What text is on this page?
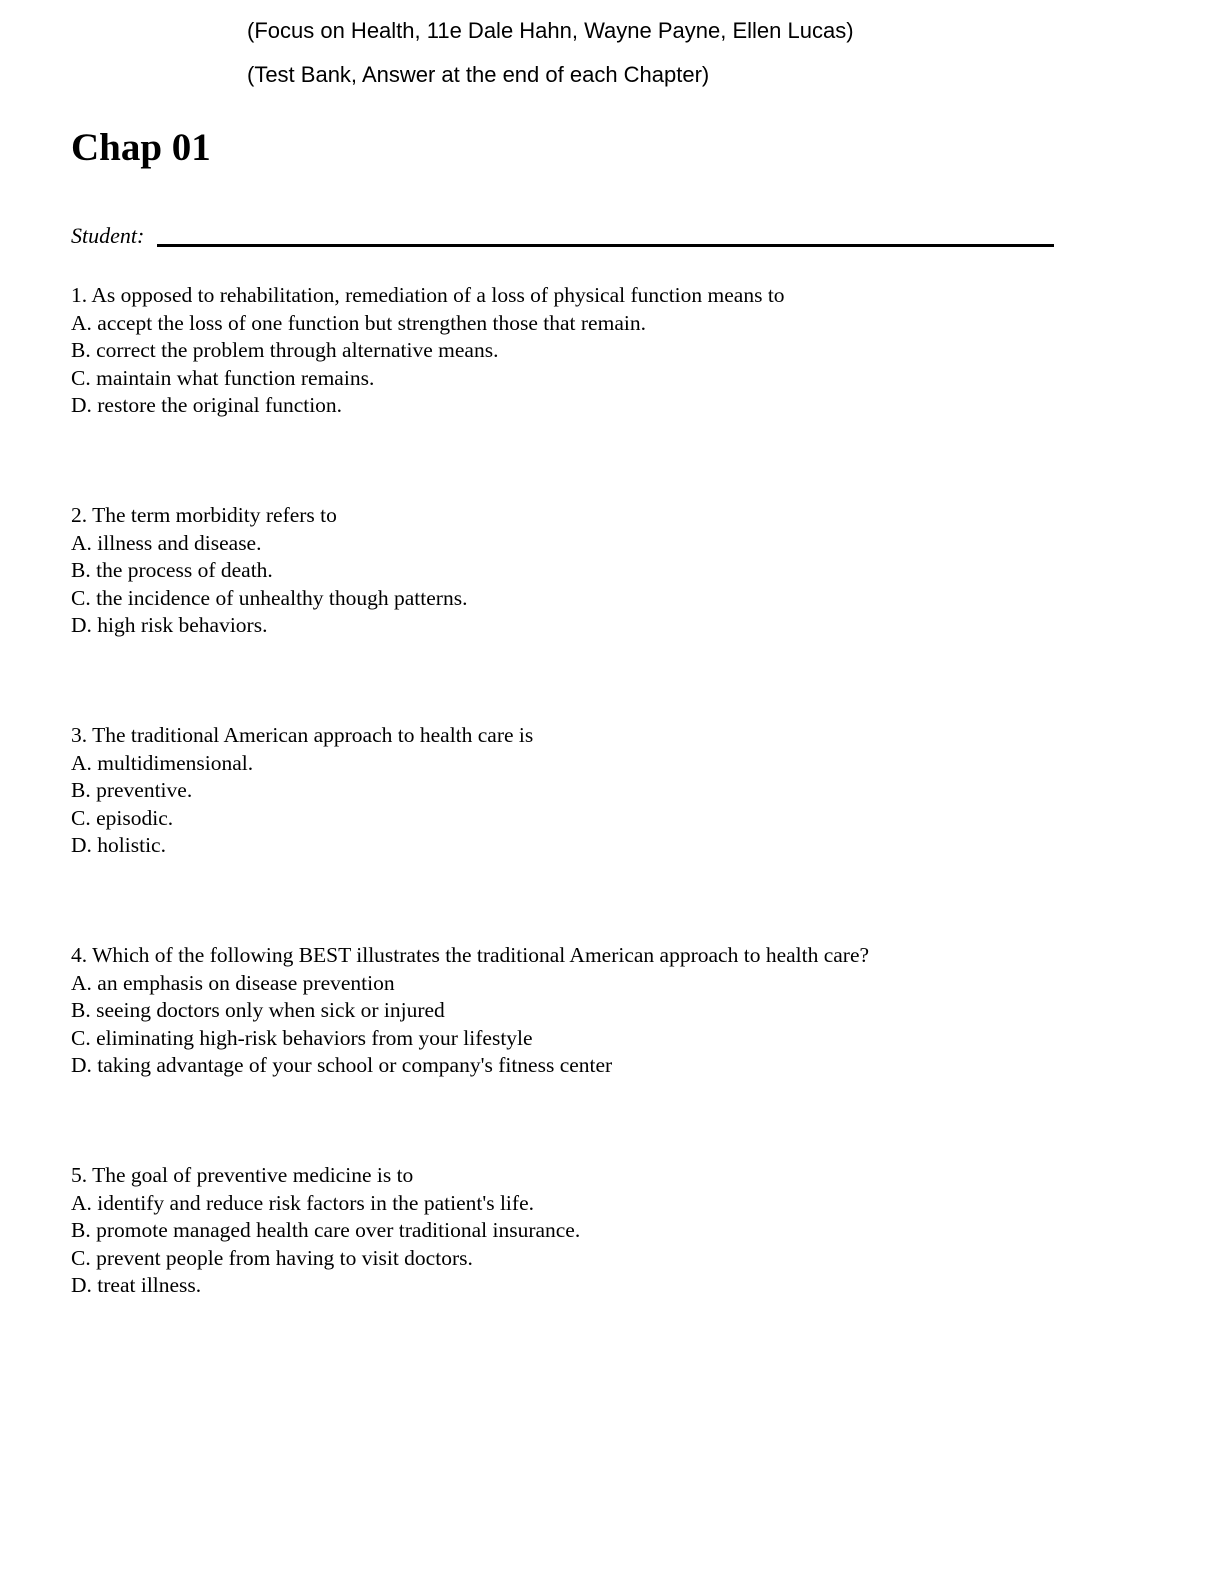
(Focus on Health, 11e Dale Hahn, Wayne Payne, Ellen Lucas)
(Test Bank, Answer at the end of each Chapter)
Chap 01
Student:
1. As opposed to rehabilitation, remediation of a loss of physical function means to
A. accept the loss of one function but strengthen those that remain.
B. correct the problem through alternative means.
C. maintain what function remains.
D. restore the original function.
2. The term morbidity refers to
A. illness and disease.
B. the process of death.
C. the incidence of unhealthy though patterns.
D. high risk behaviors.
3. The traditional American approach to health care is
A. multidimensional.
B. preventive.
C. episodic.
D. holistic.
4. Which of the following BEST illustrates the traditional American approach to health care?
A. an emphasis on disease prevention
B. seeing doctors only when sick or injured
C. eliminating high-risk behaviors from your lifestyle
D. taking advantage of your school or company's fitness center
5. The goal of preventive medicine is to
A. identify and reduce risk factors in the patient's life.
B. promote managed health care over traditional insurance.
C. prevent people from having to visit doctors.
D. treat illness.
